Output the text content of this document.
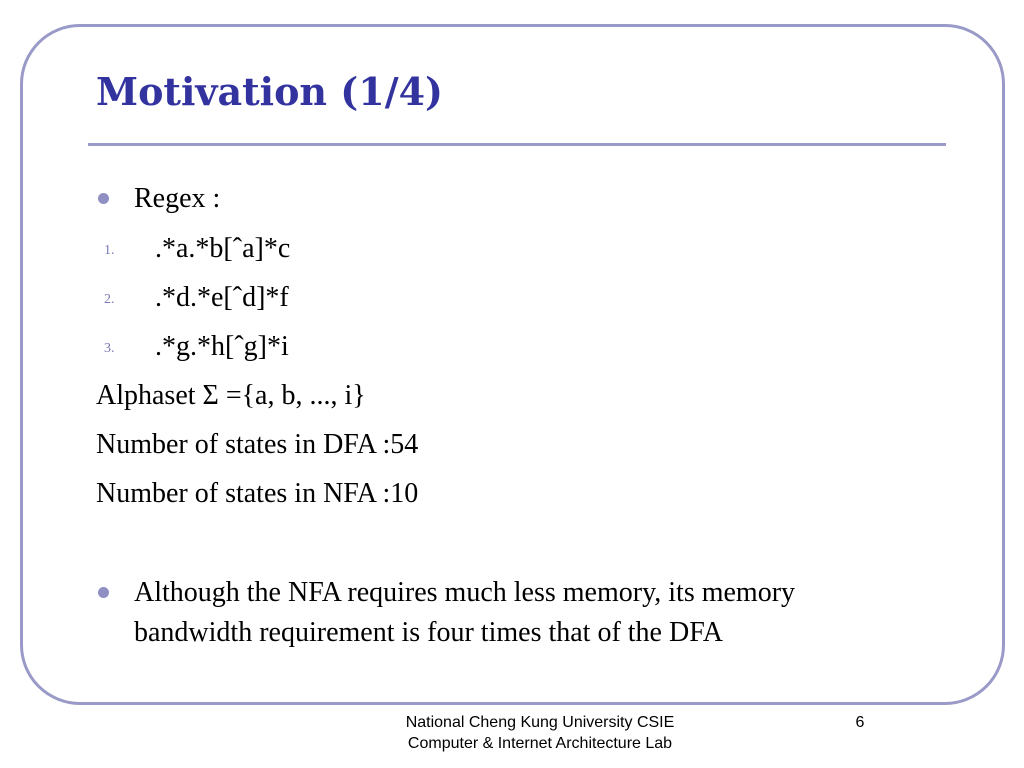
Motivation (1/4)
Regex :
1. .*a.*b[ˆa]*c
2. .*d.*e[ˆd]*f
3. .*g.*h[ˆg]*i
Alphaset Σ ={a, b, ..., i}
Number of states in DFA :54
Number of states in NFA :10
Although the NFA requires much less memory, its memory
bandwidth requirement is four times that of the DFA
National Cheng Kung University CSIE
Computer & Internet Architecture Lab
6
